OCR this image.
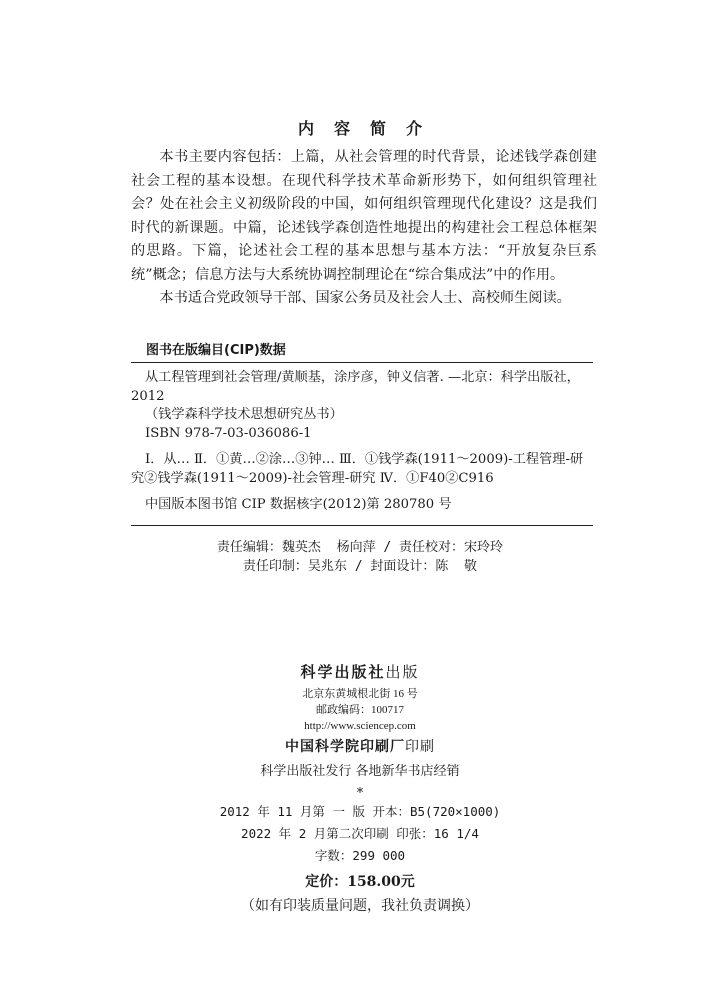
内容简介

本书主要内容包括：上篇，从社会管理的时代背景，论述钱学森创建社会工程的基本设想。在现代科学技术革命新形势下，如何组织管理社会？处在社会主义初级阶段的中国，如何组织管理现代化建设？这是我们时代的新课题。中篇，论述钱学森创造性地提出的构建社会工程总体框架的思路。下篇，论述社会工程的基本思想与基本方法：“开放复杂巨系统”概念；信息方法与大系统协调控制理论在“综合集成法”中的作用。

本书适合党政领导干部、国家公务员及社会人士、高校师生阅读。

图书在版编目(CIP)数据
从工程管理到社会管理/黄顺基，涂序彦，钟义信著. —北京：科学出版社，
2012
（钱学森科学技术思想研究丛书）
ISBN 978-7-03-036086-1
Ⅰ．从… Ⅱ．①黄…②涂…③钟… Ⅲ．①钱学森(1911～2009)-工程管理-研究②钱学森(1911～2009)-社会管理-研究 Ⅳ．①F40②C916
中国版本图书馆 CIP 数据核字(2012)第 280780 号
责任编辑：魏英杰  杨向萍 / 责任校对：宋玲玲
责任印制：吴兆东 / 封面设计：陈  敬
科学出版社出版
北京东黄城根北街 16 号
邮政编码：100717
http://www.sciencep.com
中国科学院印刷厂印刷
科学出版社发行 各地新华书店经销
*
2012 年 11 月第 一 版 开本：B5(720×1000)
2022 年 2 月第二次印刷 印张：16 1/4
字数：299 000
定价：158.00元
（如有印装质量问题，我社负责调换）
